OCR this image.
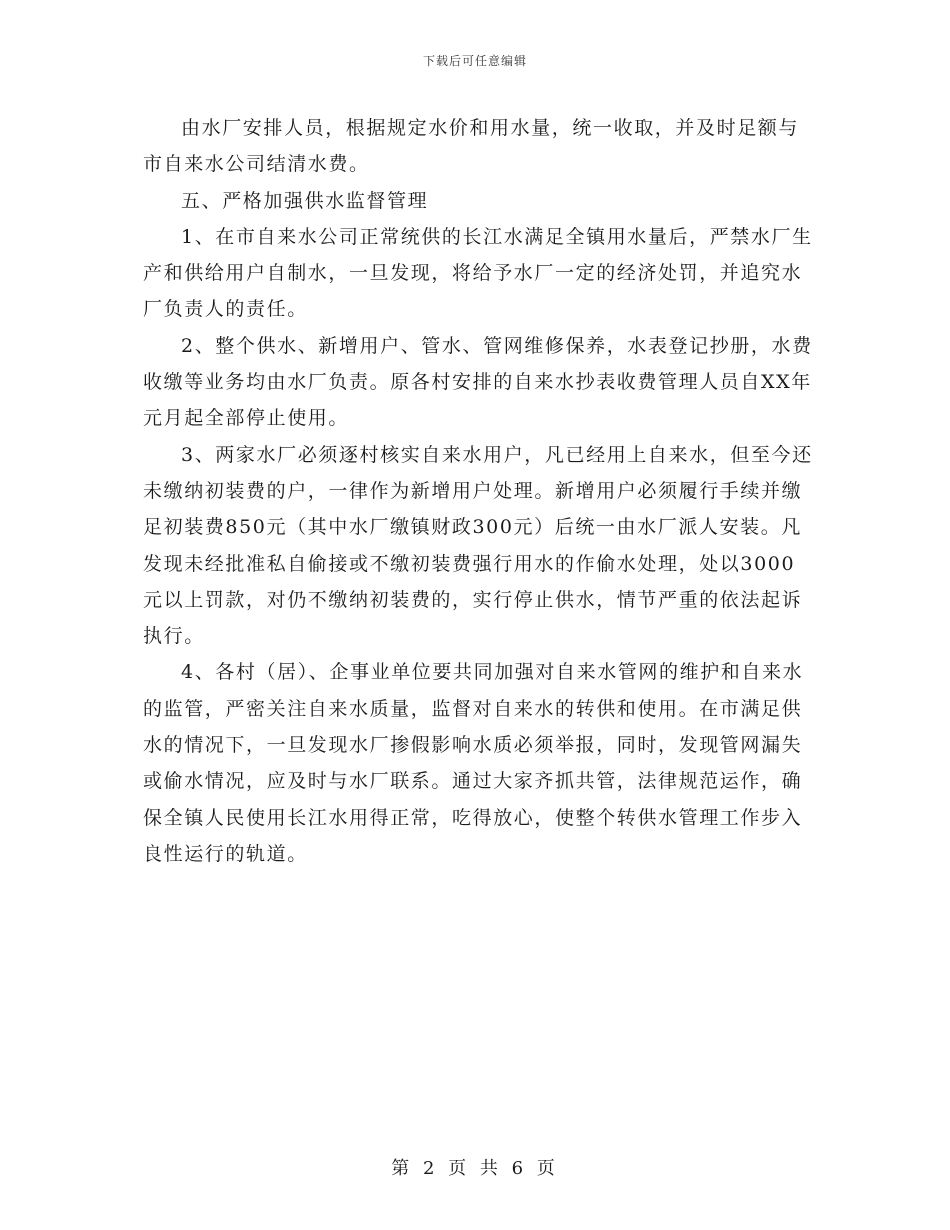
下载后可任意编辑

由水厂安排人员，根据规定水价和用水量，统一收取，并及时足额与市自来水公司结清水费。

五、严格加强供水监督管理

1、在市自来水公司正常统供的长江水满足全镇用水量后，严禁水厂生产和供给用户自制水，一旦发现，将给予水厂一定的经济处罚，并追究水厂负责人的责任。

2、整个供水、新增用户、管水、管网维修保养，水表登记抄册，水费收缴等业务均由水厂负责。原各村安排的自来水抄表收费管理人员自XX年元月起全部停止使用。

3、两家水厂必须逐村核实自来水用户，凡已经用上自来水，但至今还未缴纳初装费的户，一律作为新增用户处理。新增用户必须履行手续并缴足初装费850元（其中水厂缴镇财政300元）后统一由水厂派人安装。凡发现未经批准私自偷接或不缴初装费强行用水的作偷水处理，处以3000元以上罚款，对仍不缴纳初装费的，实行停止供水，情节严重的依法起诉执行。

4、各村（居）、企事业单位要共同加强对自来水管网的维护和自来水的监管，严密关注自来水质量，监督对自来水的转供和使用。在市满足供水的情况下，一旦发现水厂掺假影响水质必须举报，同时，发现管网漏失或偷水情况，应及时与水厂联系。通过大家齐抓共管，法律规范运作，确保全镇人民使用长江水用得正常，吃得放心，使整个转供水管理工作步入良性运行的轨道。

第 2 页 共 6 页
